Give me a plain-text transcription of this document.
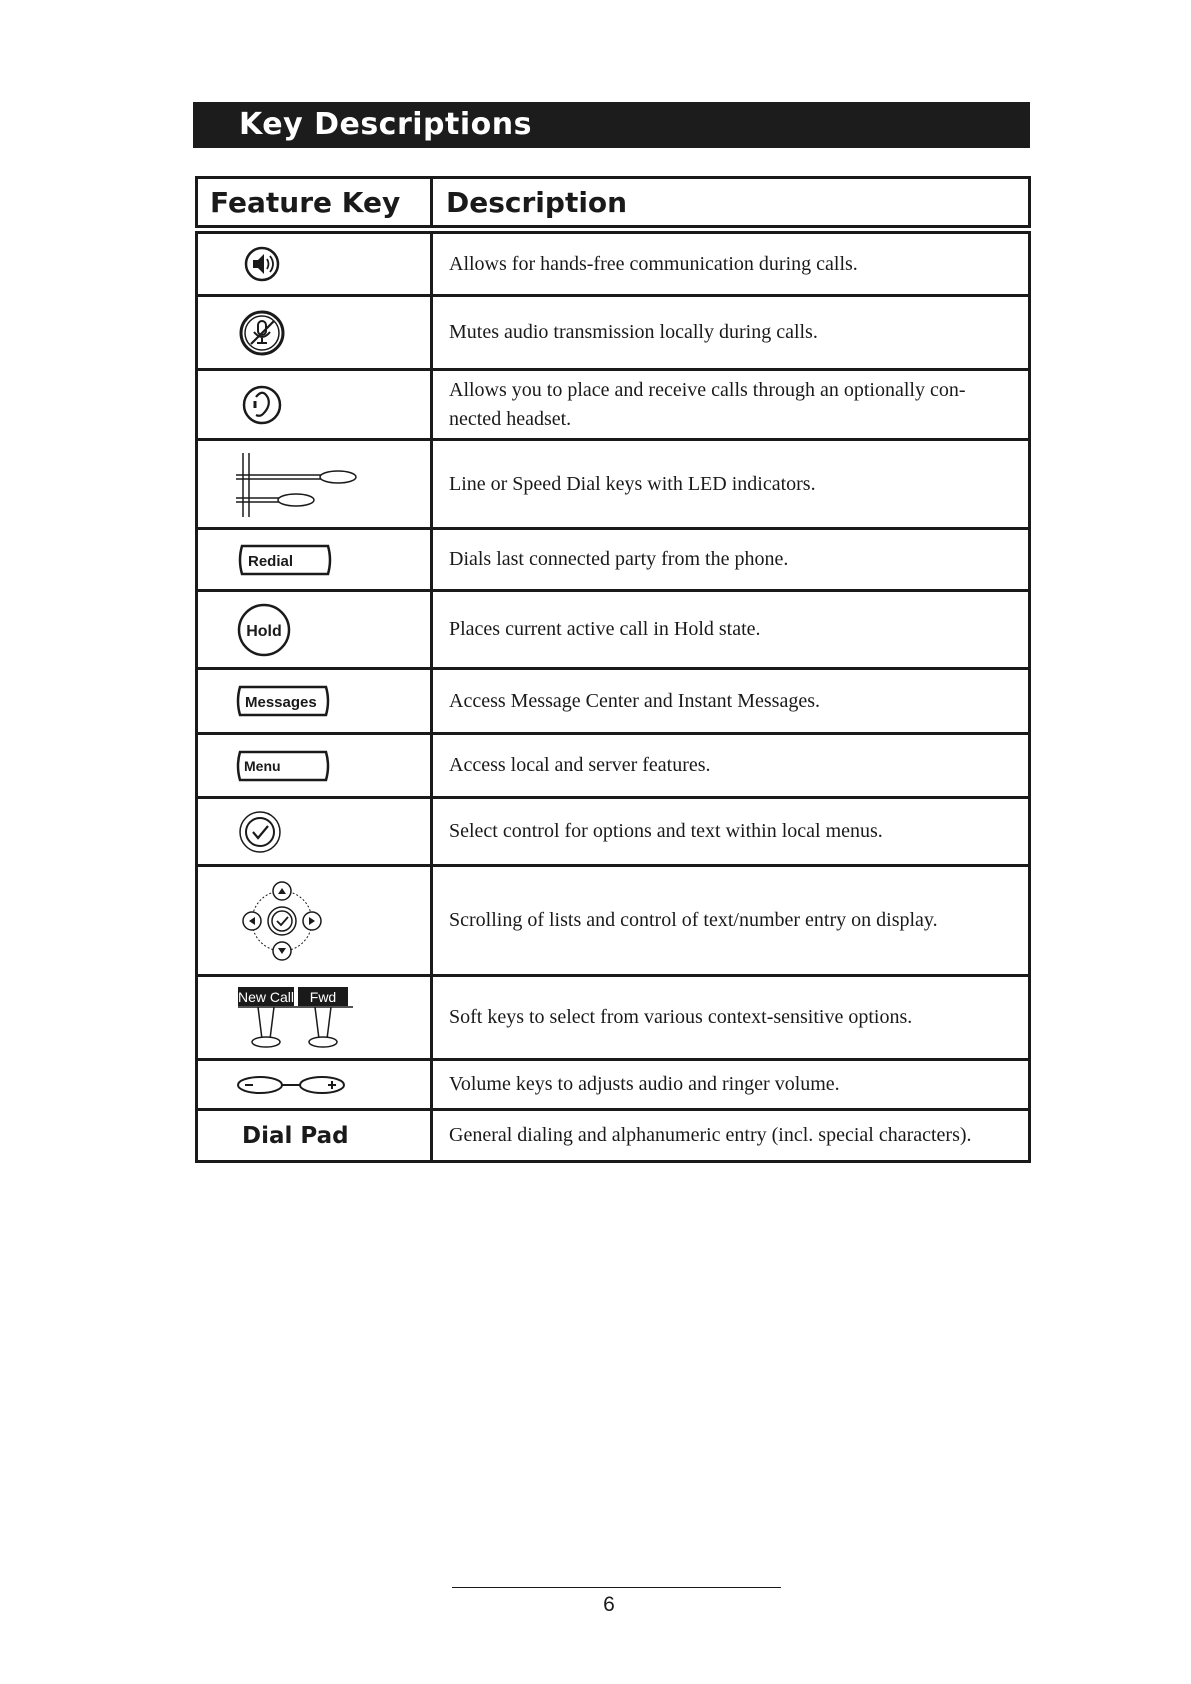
Key Descriptions
Feature Key	Description

	Allows for hands-free communication during calls.

	Mutes audio transmission locally during calls.

	Allows you to place and receive calls through an optionally con-nected headset.

	Line or Speed Dial keys with LED indicators.

Redial	Dials last connected party from the phone.

Hold	Places current active call in Hold state.

Messages	Access Message Center and Instant Messages.

Menu	Access local and server features.

	Select control for options and text within local menus.

	Scrolling of lists and control of text/number entry on display.

New Call Fwd	Soft keys to select from various context-sensitive options.

	Volume keys to adjusts audio and ringer volume.

Dial Pad	General dialing and alphanumeric entry (incl. special characters).
6
